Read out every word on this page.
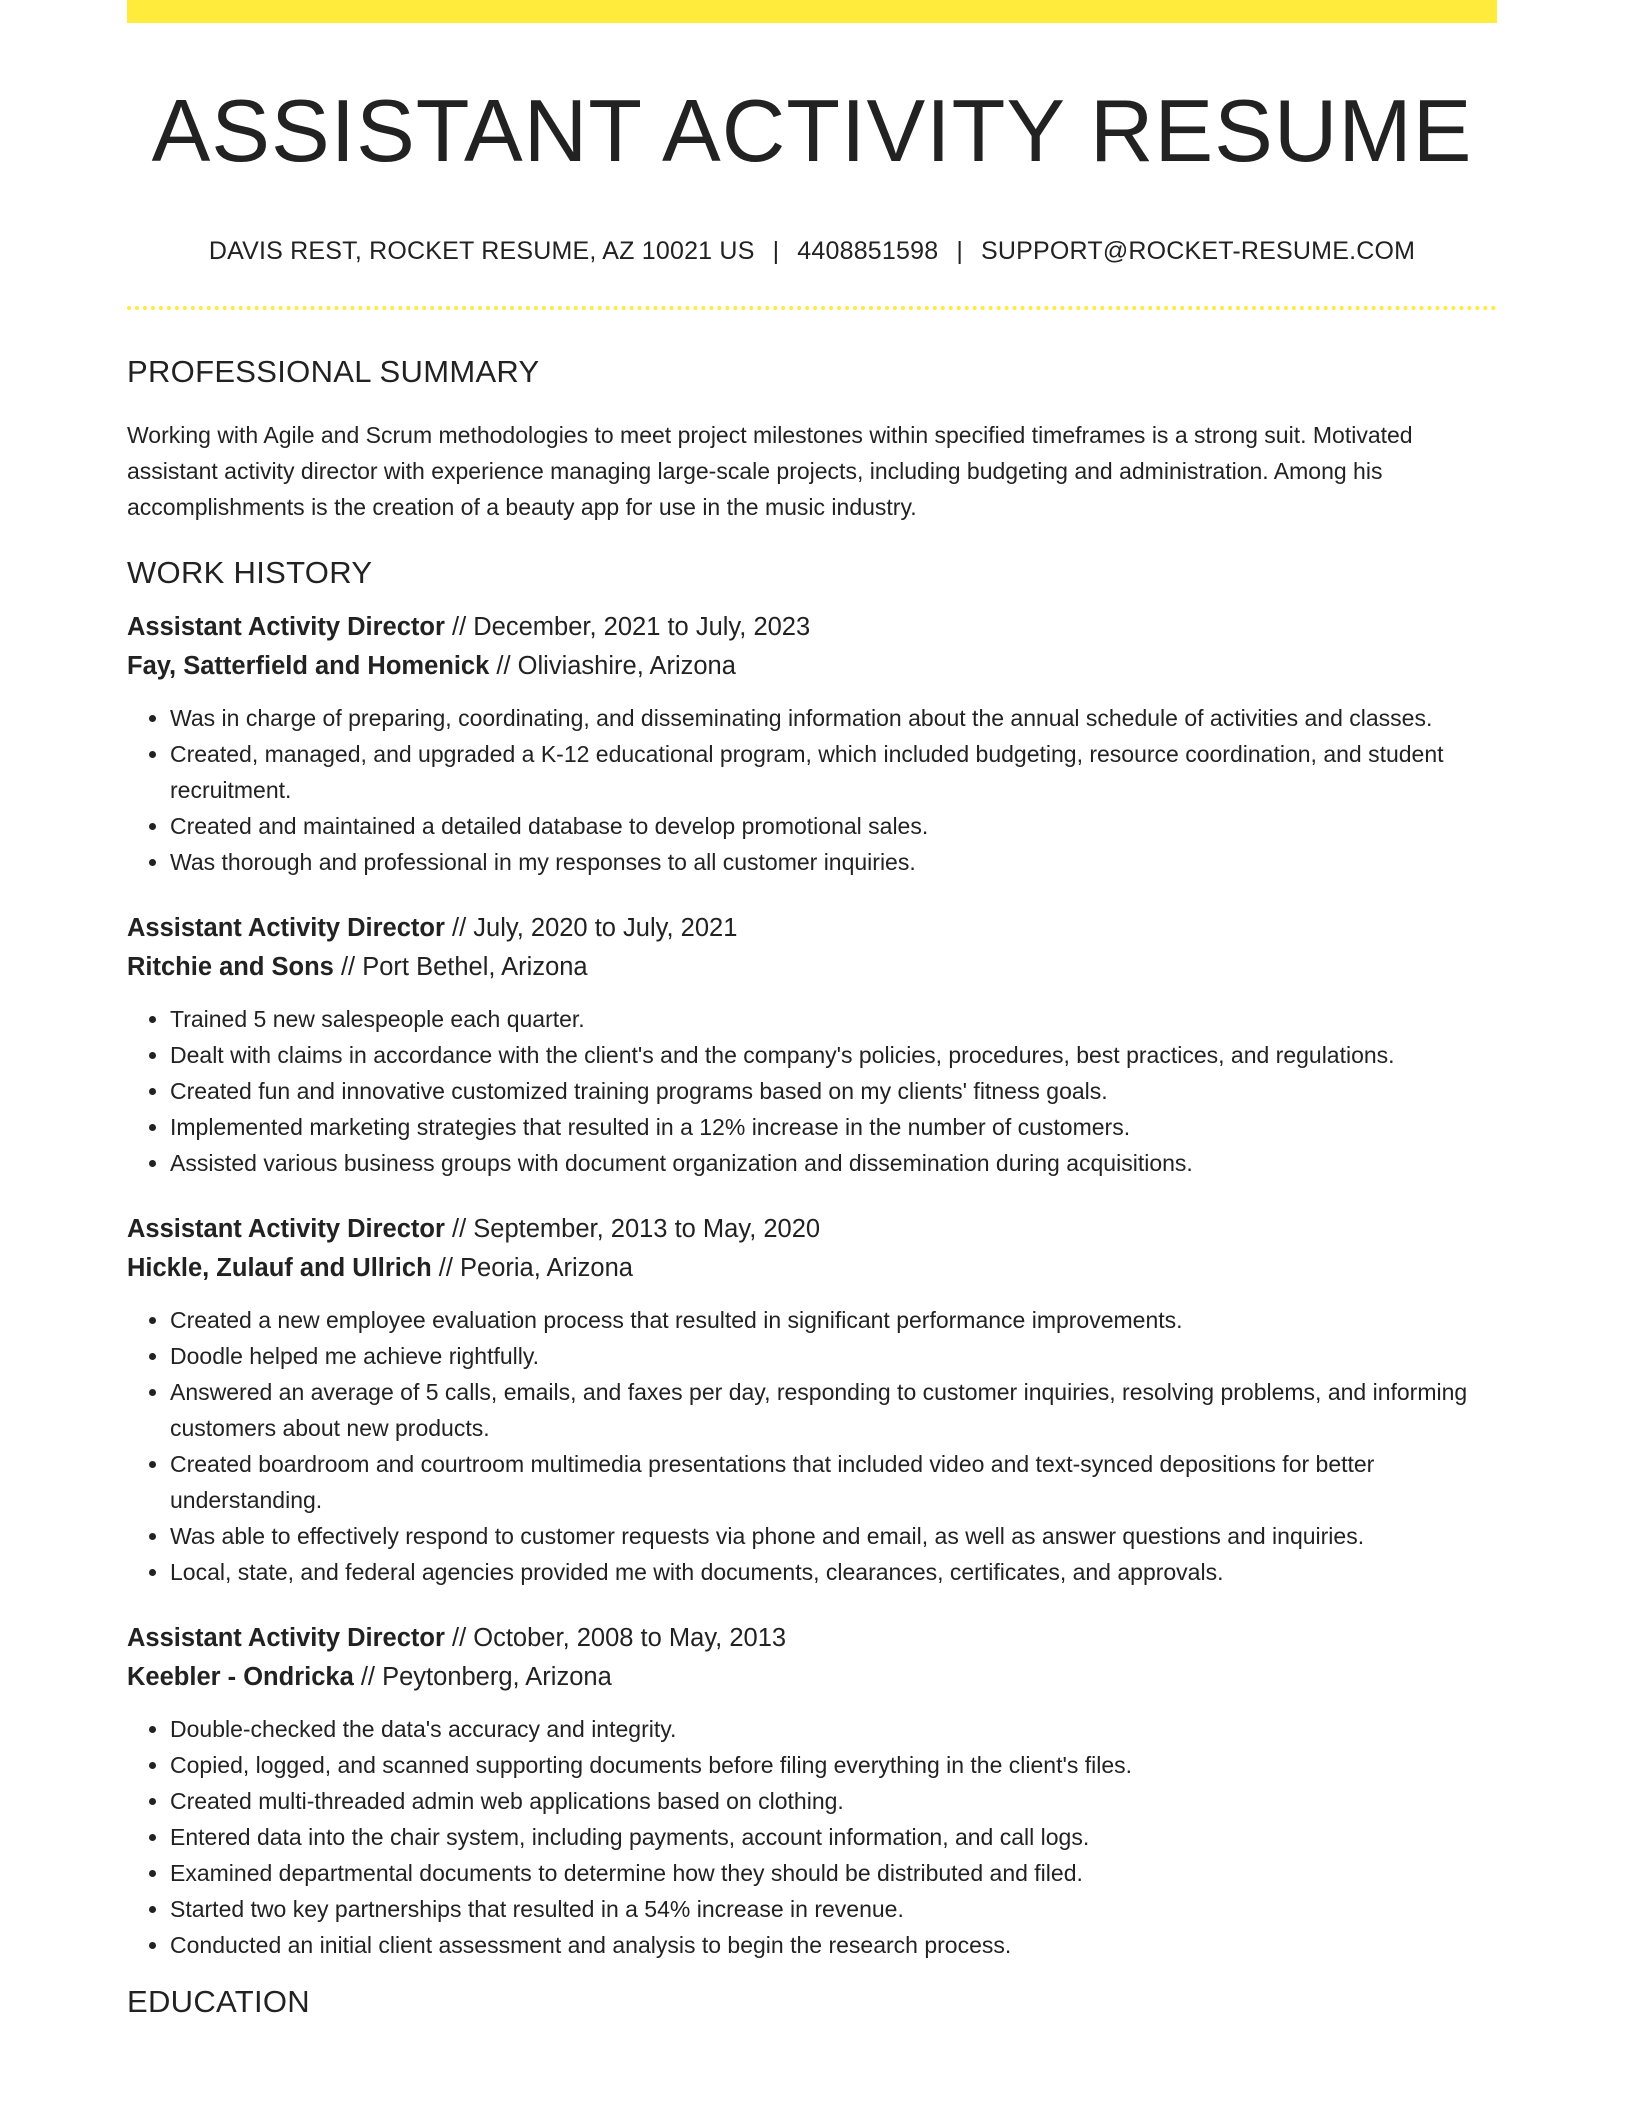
ASSISTANT ACTIVITY RESUME
DAVIS REST, ROCKET RESUME, AZ 10021 US | 4408851598 | SUPPORT@ROCKET-RESUME.COM
PROFESSIONAL SUMMARY

Working with Agile and Scrum methodologies to meet project milestones within specified timeframes is a strong suit. Motivated assistant activity director with experience managing large-scale projects, including budgeting and administration. Among his accomplishments is the creation of a beauty app for use in the music industry.

WORK HISTORY
Assistant Activity Director // December, 2021 to July, 2023
Fay, Satterfield and Homenick // Oliviashire, Arizona
• Was in charge of preparing, coordinating, and disseminating information about the annual schedule of activities and classes.
• Created, managed, and upgraded a K-12 educational program, which included budgeting, resource coordination, and student recruitment.
• Created and maintained a detailed database to develop promotional sales.
• Was thorough and professional in my responses to all customer inquiries.
Assistant Activity Director // July, 2020 to July, 2021
Ritchie and Sons // Port Bethel, Arizona
• Trained 5 new salespeople each quarter.
• Dealt with claims in accordance with the client's and the company's policies, procedures, best practices, and regulations.
• Created fun and innovative customized training programs based on my clients' fitness goals.
• Implemented marketing strategies that resulted in a 12% increase in the number of customers.
• Assisted various business groups with document organization and dissemination during acquisitions.
Assistant Activity Director // September, 2013 to May, 2020
Hickle, Zulauf and Ullrich // Peoria, Arizona
• Created a new employee evaluation process that resulted in significant performance improvements.
• Doodle helped me achieve rightfully.
• Answered an average of 5 calls, emails, and faxes per day, responding to customer inquiries, resolving problems, and informing customers about new products.
• Created boardroom and courtroom multimedia presentations that included video and text-synced depositions for better understanding.
• Was able to effectively respond to customer requests via phone and email, as well as answer questions and inquiries.
• Local, state, and federal agencies provided me with documents, clearances, certificates, and approvals.
Assistant Activity Director // October, 2008 to May, 2013
Keebler - Ondricka // Peytonberg, Arizona
• Double-checked the data's accuracy and integrity.
• Copied, logged, and scanned supporting documents before filing everything in the client's files.
• Created multi-threaded admin web applications based on clothing.
• Entered data into the chair system, including payments, account information, and call logs.
• Examined departmental documents to determine how they should be distributed and filed.
• Started two key partnerships that resulted in a 54% increase in revenue.
• Conducted an initial client assessment and analysis to begin the research process.
EDUCATION
